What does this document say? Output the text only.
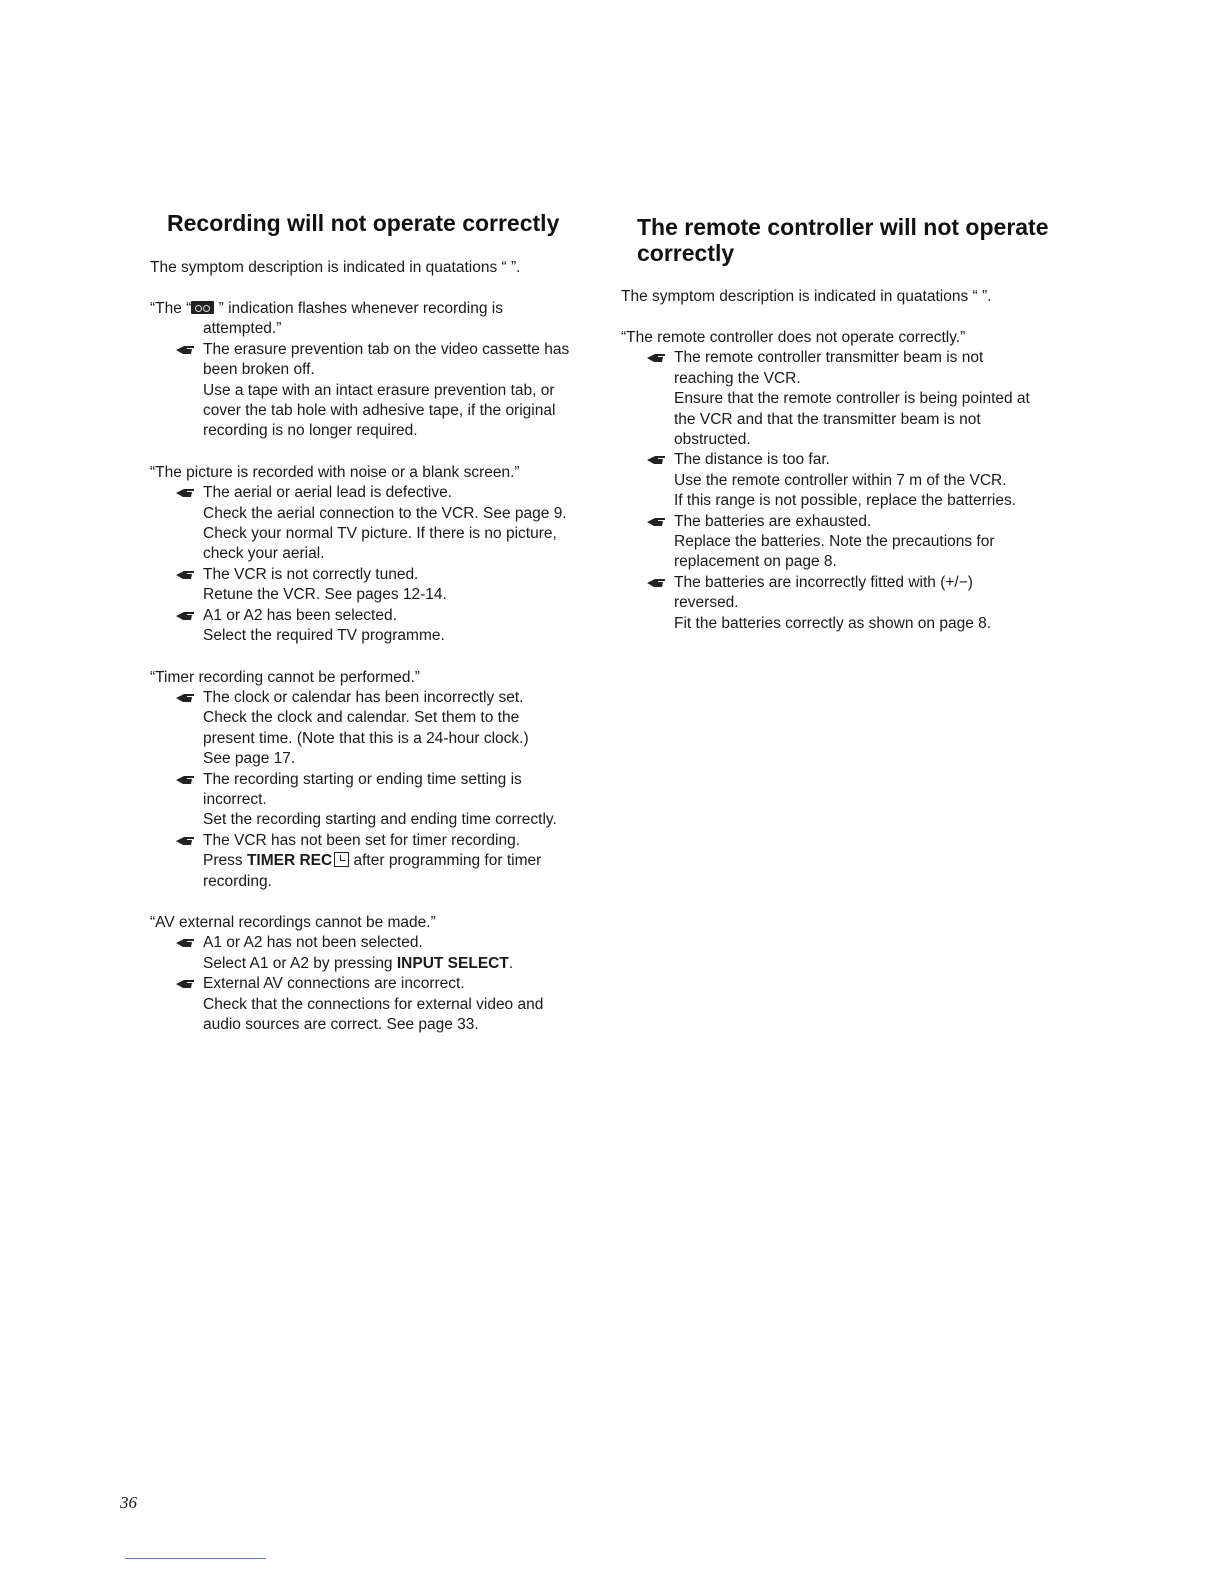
Recording will not operate correctly

The symptom description is indicated in quatations “ ”.

“The “ ” indication flashes whenever recording is
attempted.”

The erasure prevention tab on the video cassette has

been broken off.

Use a tape with an intact erasure prevention tab, or

cover the tab hole with adhesive tape, if the original

recording is no longer required.

“The picture is recorded with noise or a blank screen.”

The aerial or aerial lead is defective.

Check the aerial connection to the VCR. See page 9.

Check your normal TV picture. If there is no picture,

check your aerial.

The VCR is not correctly tuned.

Retune the VCR. See pages 12-14.

A1 or A2 has been selected.

Select the required TV programme.

“Timer recording cannot be performed.”

The clock or calendar has been incorrectly set.

Check the clock and calendar. Set them to the

present time. (Note that this is a 24-hour clock.)

See page 17.

The recording starting or ending time setting is

incorrect.

Set the recording starting and ending time correctly.

The VCR has not been set for timer recording.

Press TIMER REC after programming for timer

recording.

“AV external recordings cannot be made.”

A1 or A2 has not been selected.

Select A1 or A2 by pressing INPUT SELECT.

External AV connections are incorrect.

Check that the connections for external video and

audio sources are correct. See page 33.

The remote controller will not operate
correctly

The symptom description is indicated in quatations “ ”.

“The remote controller does not operate correctly.”

The remote controller transmitter beam is not

reaching the VCR.

Ensure that the remote controller is being pointed at

the VCR and that the transmitter beam is not

obstructed.

The distance is too far.

Use the remote controller within 7 m of the VCR.

If this range is not possible, replace the batterries.

The batteries are exhausted.

Replace the batteries. Note the precautions for

replacement on page 8.

The batteries are incorrectly fitted with (+/−)

reversed.

Fit the batteries correctly as shown on page 8.

36
